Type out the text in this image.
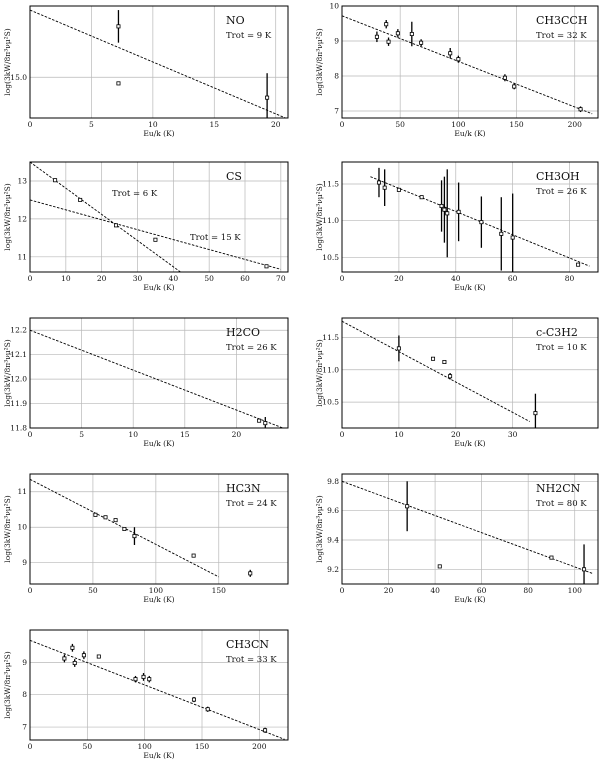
0	5	10	15	20
15.0
Eu/k (K)
log(3kW/8π³νμ²S)
NO
Trot = 9 K
0	50	100	150	200
7
8
9
10
Eu/k (K)
log(3kW/8π³νμ²S)
CH3CCH
Trot = 32 K
0	10	20	30	40	50	60	70
11
12
13
Eu/k (K)
log(3kW/8π³νμ²S)
CS
Trot = 6 K
Trot = 15 K
0	20	40	60	80
10.5
11.0
11.5
Eu/k (K)
log(3kW/8π³νμ²S)
CH3OH
Trot = 26 K
0	5	10	15	20
11.8
11.9
12.0
12.1
12.2
Eu/k (K)
log(3kW/8π³νμ²S)
H2CO
Trot = 26 K
0	10	20	30
10.5
11.0
11.5
Eu/k (K)
log(3kW/8π³νμ²S)
c-C3H2
Trot = 10 K
0	50	100	150
9
10
11
Eu/k (K)
log(3kW/8π³νμ²S)
HC3N
Trot = 24 K
0	20	40	60	80	100
9.2
9.4
9.6
9.8
Eu/k (K)
log(3kW/8π³νμ²S)
NH2CN
Trot = 80 K
0	50	100	150	200
7
8
9
Eu/k (K)
log(3kW/8π³νμ²S)
CH3CN
Trot = 33 K
